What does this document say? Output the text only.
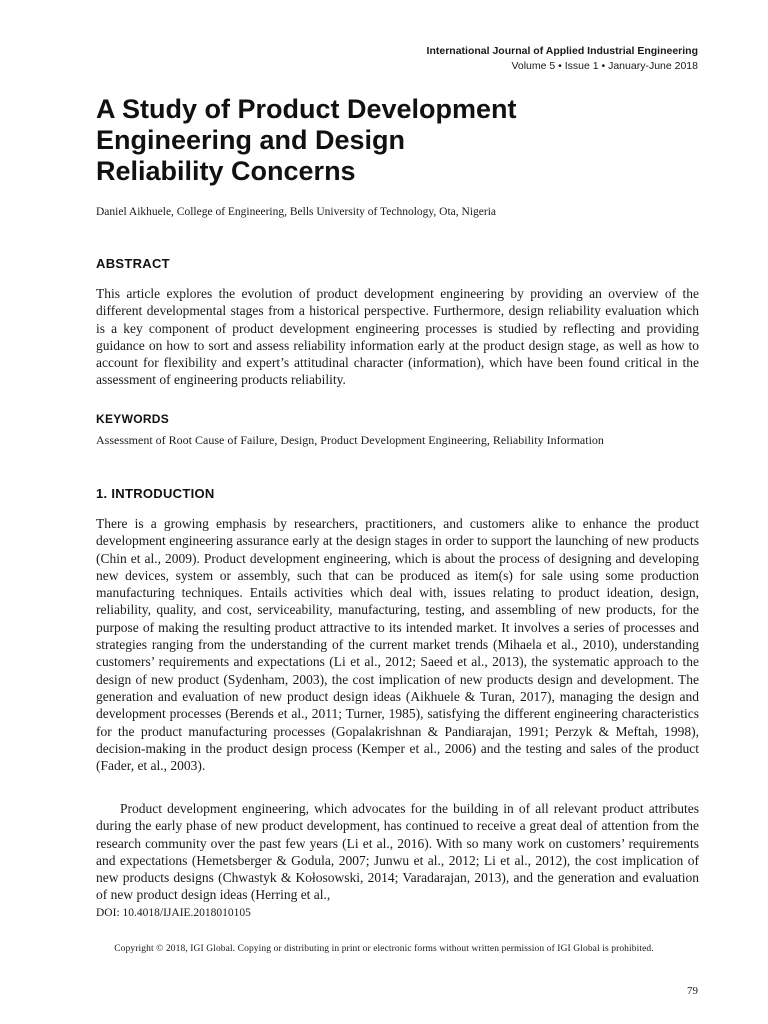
International Journal of Applied Industrial Engineering
Volume 5 • Issue 1 • January-June 2018
A Study of Product Development
Engineering and Design
Reliability Concerns
Daniel Aikhuele, College of Engineering, Bells University of Technology, Ota, Nigeria
ABSTRACT

This article explores the evolution of product development engineering by providing an overview of the different developmental stages from a historical perspective. Furthermore, design reliability evaluation which is a key component of product development engineering processes is studied by reflecting and providing guidance on how to sort and assess reliability information early at the product design stage, as well as how to account for flexibility and expert’s attitudinal character (information), which have been found critical in the assessment of engineering products reliability.

KEYWORDS
Assessment of Root Cause of Failure, Design, Product Development Engineering, Reliability Information
1. INTRODUCTION

There is a growing emphasis by researchers, practitioners, and customers alike to enhance the product development engineering assurance early at the design stages in order to support the launching of new products (Chin et al., 2009). Product development engineering, which is about the process of designing and developing new devices, system or assembly, such that can be produced as item(s) for sale using some production manufacturing techniques. Entails activities which deal with, issues relating to product ideation, design, reliability, quality, and cost, serviceability, manufacturing, testing, and assembling of new products, for the purpose of making the resulting product attractive to its intended market. It involves a series of processes and strategies ranging from the understanding of the current market trends (Mihaela et al., 2010), understanding customers’ requirements and expectations (Li et al., 2012; Saeed et al., 2013), the systematic approach to the design of new product (Sydenham, 2003), the cost implication of new products design and development. The generation and evaluation of new product design ideas (Aikhuele & Turan, 2017), managing the design and development processes (Berends et al., 2011; Turner, 1985), satisfying the different engineering characteristics for the product manufacturing processes (Gopalakrishnan & Pandiarajan, 1991; Perzyk & Meftah, 1998), decision-making in the product design process (Kemper et al., 2006) and the testing and sales of the product (Fader, et al., 2003).

Product development engineering, which advocates for the building in of all relevant product attributes during the early phase of new product development, has continued to receive a great deal of attention from the research community over the past few years (Li et al., 2016). With so many work on customers’ requirements and expectations (Hemetsberger & Godula, 2007; Junwu et al., 2012; Li et al., 2012), the cost implication of new products designs (Chwastyk & Kołosowski, 2014; Varadarajan, 2013), and the generation and evaluation of new product design ideas (Herring et al.,

DOI: 10.4018/IJAIE.2018010105
Copyright © 2018, IGI Global. Copying or distributing in print or electronic forms without written permission of IGI Global is prohibited.
79
